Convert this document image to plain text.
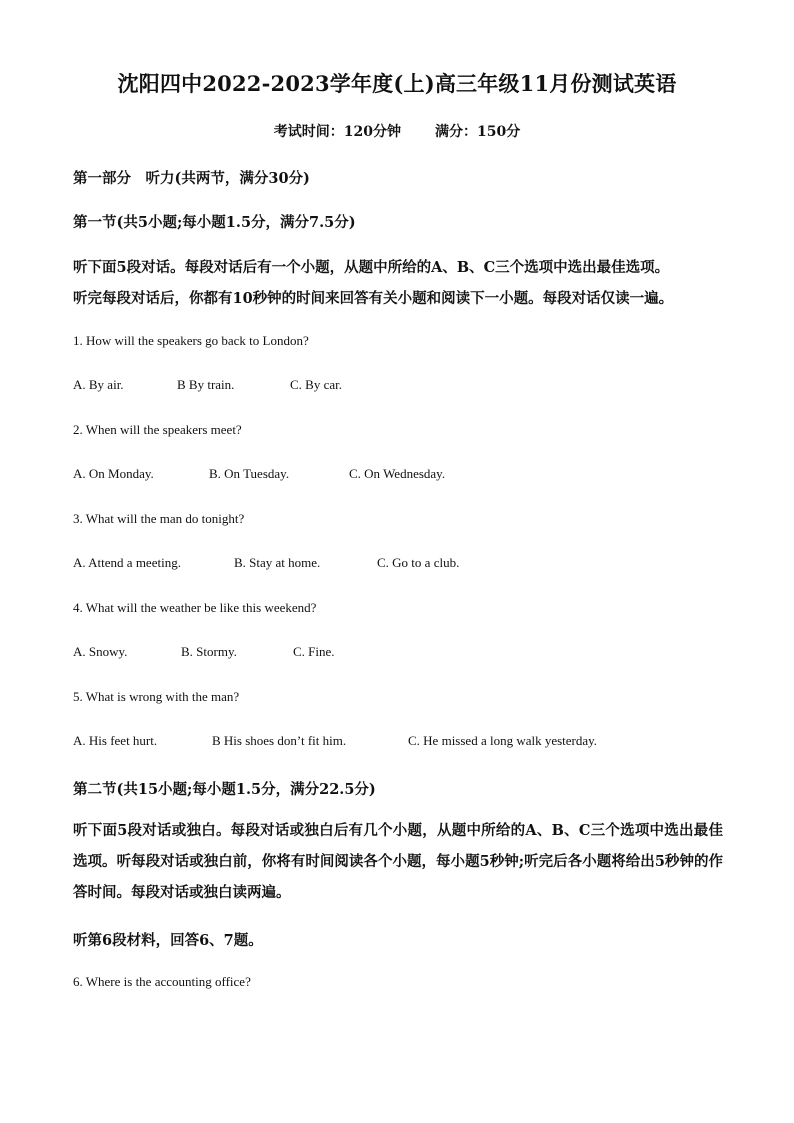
沈阳四中2022-2023学年度(上)高三年级11月份测试英语
考试时间：120分钟 满分：150分
第一部分　听力(共两节，满分30分)
第一节(共5小题;每小题1.5分，满分7.5分)
听下面5段对话。每段对话后有一个小题，从题中所给的A、B、C三个选项中选出最佳选项。
听完每段对话后，你都有10秒钟的时间来回答有关小题和阅读下一小题。每段对话仅读一遍。
1. How will the speakers go back to London?
A. By air.	B By train.	C. By car.
2. When will the speakers meet?
A. On Monday.	B. On Tuesday.	C. On Wednesday.
3. What will the man do tonight?
A. Attend a meeting.	B. Stay at home.	C. Go to a club.
4. What will the weather be like this weekend?
A. Snowy.	B. Stormy.	C. Fine.
5. What is wrong with the man?
A. His feet hurt.	B His shoes don’t fit him.	C. He missed a long walk yesterday.
第二节(共15小题;每小题1.5分，满分22.5分)
听下面5段对话或独白。每段对话或独白后有几个小题，从题中所给的A、B、C三个选项中选出最佳选项。听每段对话或独白前，你将有时间阅读各个小题，每小题5秒钟;听完后各小题将给出5秒钟的作答时间。每段对话或独白读两遍。
听第6段材料，回答6、7题。
6. Where is the accounting office?
